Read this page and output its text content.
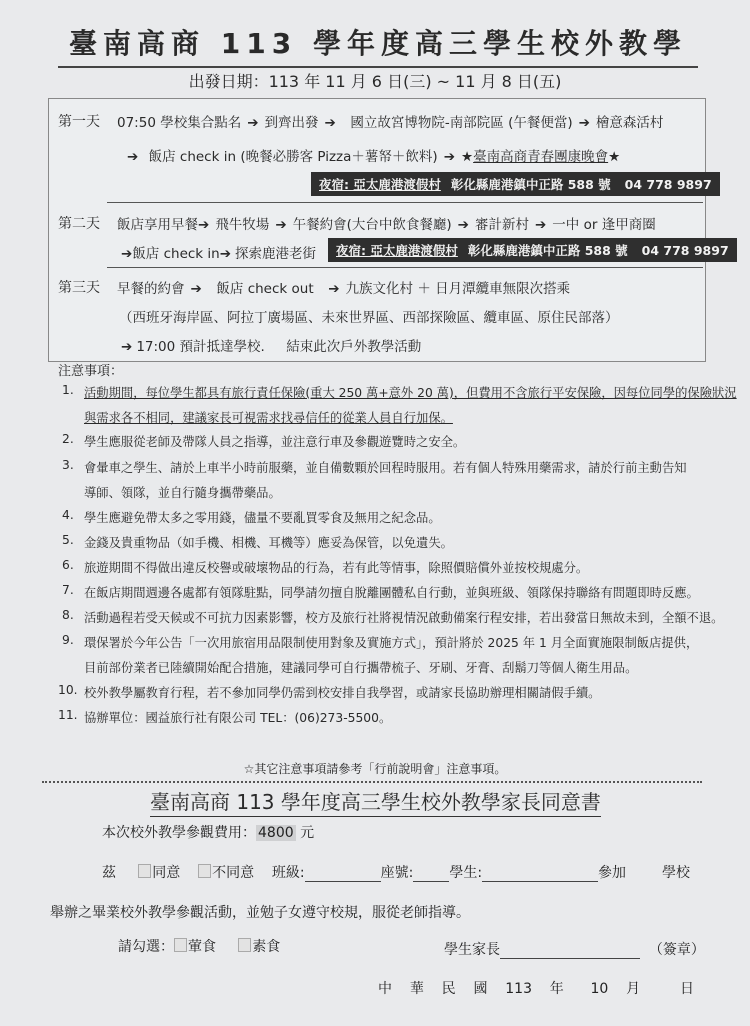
臺南高商 113 學年度高三學生校外教學
出發日期：113 年 11 月 6 日(三) ~ 11 月 8 日(五)
第一天 07:50 學校集合點名 ➔ 到齊出發 ➔ 國立故宮博物院-南部院區 (午餐便當) ➔ 檜意森活村
➔ 飯店 check in (晚餐必勝客 Pizza＋薯帑＋飲料) ➔ ★臺南高商青春團康晚會★
夜宿: 亞太鹿港渡假村 彰化縣鹿港鎮中正路 588 號 04 778 9897
第二天 飯店享用早餐➔ 飛牛牧場 ➔ 午餐約會(大台中飲食餐廳) ➔ 審計新村 ➔ 一中 or 逢甲商圈
➔飯店 check in➔ 探索鹿港老街	夜宿: 亞太鹿港渡假村 彰化縣鹿港鎮中正路 588 號 04 778 9897
第三天 早餐的約會 ➔ 飯店 check out ➔ 九族文化村 ＋ 日月潭纜車無限次搭乘
（西班牙海岸區、阿拉丁廣場區、未來世界區、西部探險區、纜車區、原住民部落）
➔ 17:00 預計抵達學校. 結束此次戶外教學活動
注意事項：
1. 活動期間，每位學生都具有旅行責任保險(重大 250 萬+意外 20 萬)，但費用不含旅行平安保險，因每位同學的保險狀況
與需求各不相同，建議家長可視需求找尋信任的從業人員自行加保。
2. 學生應服從老師及帶隊人員之指導，並注意行車及參觀遊覽時之安全。
3. 會暈車之學生、請於上車半小時前服藥，並自備數顆於回程時服用。若有個人特殊用藥需求，請於行前主動告知
導師、領隊，並自行隨身攜帶藥品。
4. 學生應避免帶太多之零用錢，儘量不要亂買零食及無用之紀念品。
5. 金錢及貴重物品（如手機、相機、耳機等）應妥為保管，以免遺失。
6. 旅遊期間不得做出違反校譽或破壞物品的行為，若有此等情事，除照價賠償外並按校規處分。
7. 在飯店期間週邊各處都有領隊駐點，同學請勿擅自脫離團體私自行動，並與班級、領隊保持聯絡有問題即時反應。
8. 活動過程若受天候或不可抗力因素影響，校方及旅行社將視情況啟動備案行程安排，若出發當日無故未到，全額不退。
9. 環保署於今年公告「一次用旅宿用品限制使用對象及實施方式」，預計將於 2025 年 1 月全面實施限制飯店提供，
目前部份業者已陸續開始配合措施，建議同學可自行攜帶梳子、牙刷、牙膏、刮鬍刀等個人衛生用品。
10. 校外教學屬教育行程，若不參加同學仍需到校安排自我學習，或請家長協助辦理相關請假手續。
11. 協辦單位：國益旅行社有限公司 TEL：(06)273-5500。
☆其它注意事項請參考「行前說明會」注意事項。
臺南高商 113 學年度高三學生校外教學家長同意書
本次校外教學參觀費用： 4800 元
茲	同意 不同意 班級:	座號:	學生:	參加	學校
舉辦之畢業校外教學參觀活動，並勉子女遵守校規，服從老師指導。
請勾選： 葷食	素食	學生家長	（簽章）
中 華 民 國 113 年 10 月	日
